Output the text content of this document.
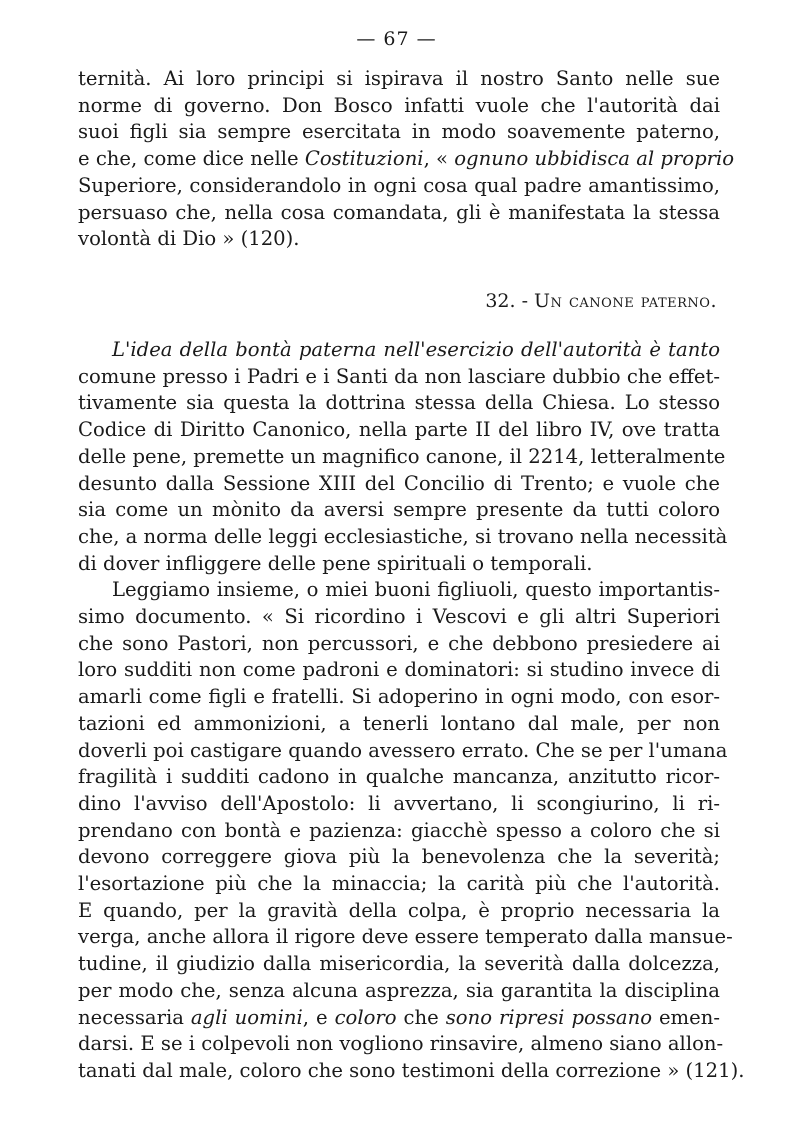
— 67 —
ternità. Ai loro principi si ispirava il nostro Santo nelle sue
norme di governo. Don Bosco infatti vuole che l'autorità dai
suoi figli sia sempre esercitata in modo soavemente paterno,
e che, come dice nelle Costituzioni, « ognuno ubbidisca al proprio
Superiore, considerandolo in ogni cosa qual padre amantissimo,
persuaso che, nella cosa comandata, gli è manifestata la stessa
volontà di Dio » (120).
32. - Un canone paterno.
L'idea della bontà paterna nell'esercizio dell'autorità è tanto
comune presso i Padri e i Santi da non lasciare dubbio che effet-
tivamente sia questa la dottrina stessa della Chiesa. Lo stesso
Codice di Diritto Canonico, nella parte II del libro IV, ove tratta
delle pene, premette un magnifico canone, il 2214, letteralmente
desunto dalla Sessione XIII del Concilio di Trento; e vuole che
sia come un mònito da aversi sempre presente da tutti coloro
che, a norma delle leggi ecclesiastiche, si trovano nella necessità
di dover infliggere delle pene spirituali o temporali.
Leggiamo insieme, o miei buoni figliuoli, questo importantis-
simo documento. « Si ricordino i Vescovi e gli altri Superiori
che sono Pastori, non percussori, e che debbono presiedere ai
loro sudditi non come padroni e dominatori: si studino invece di
amarli come figli e fratelli. Si adoperino in ogni modo, con esor-
tazioni ed ammonizioni, a tenerli lontano dal male, per non
doverli poi castigare quando avessero errato. Che se per l'umana
fragilità i sudditi cadono in qualche mancanza, anzitutto ricor-
dino l'avviso dell'Apostolo: li avvertano, li scongiurino, li ri-
prendano con bontà e pazienza: giacchè spesso a coloro che si
devono correggere giova più la benevolenza che la severità;
l'esortazione più che la minaccia; la carità più che l'autorità.
E quando, per la gravità della colpa, è proprio necessaria la
verga, anche allora il rigore deve essere temperato dalla mansue-
tudine, il giudizio dalla misericordia, la severità dalla dolcezza,
per modo che, senza alcuna asprezza, sia garantita la disciplina
necessaria agli uomini, e coloro che sono ripresi possano emen-
darsi. E se i colpevoli non vogliono rinsavire, almeno siano allon-
tanati dal male, coloro che sono testimoni della correzione » (121).
